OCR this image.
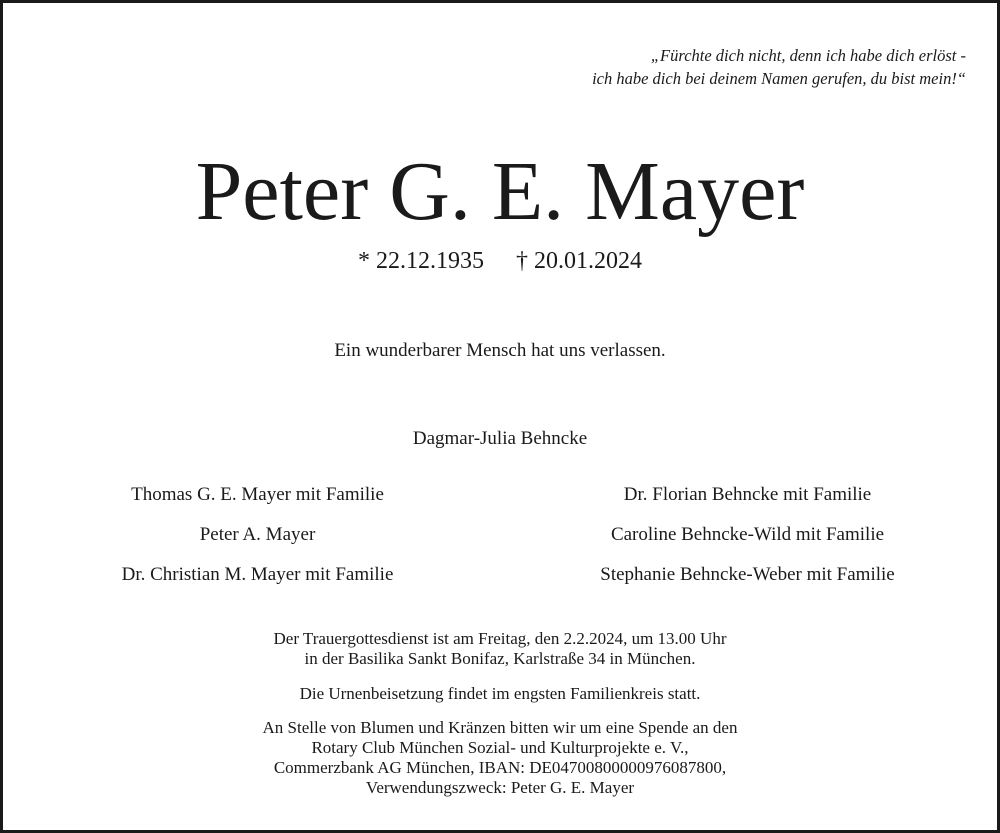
„Fürchte dich nicht, denn ich habe dich erlöst -
ich habe dich bei deinem Namen gerufen, du bist mein!“
Peter G. E. Mayer
* 22.12.1935 † 20.01.2024
Ein wunderbarer Mensch hat uns verlassen.
Dagmar-Julia Behncke
Thomas G. E. Mayer mit Familie
Peter A. Mayer
Dr. Christian M. Mayer mit Familie
Dr. Florian Behncke mit Familie
Caroline Behncke-Wild mit Familie
Stephanie Behncke-Weber mit Familie
Der Trauergottesdienst ist am Freitag, den 2.2.2024, um 13.00 Uhr
in der Basilika Sankt Bonifaz, Karlstraße 34 in München.
Die Urnenbeisetzung findet im engsten Familienkreis statt.
An Stelle von Blumen und Kränzen bitten wir um eine Spende an den
Rotary Club München Sozial- und Kulturprojekte e. V.,
Commerzbank AG München, IBAN: DE04700800000976087800,
Verwendungszweck: Peter G. E. Mayer
